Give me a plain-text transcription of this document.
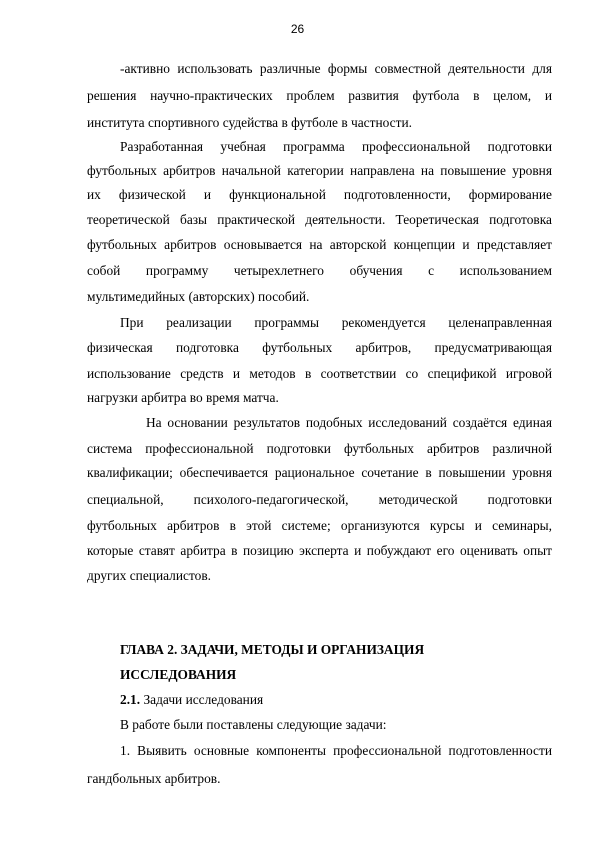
26
-активно использовать различные формы совместной деятельности для
решения научно-практических проблем развития футбола в целом, и
института спортивного судейства в футболе в частности.
Разработанная учебная программа профессиональной подготовки
футбольных арбитров начальной категории направлена на повышение уровня
их физической и функциональной подготовленности, формирование
теоретической базы практической деятельности. Теоретическая подготовка
футбольных арбитров основывается на авторской концепции и представляет
собой программу четырехлетнего обучения с использованием
мультимедийных (авторских) пособий.
При реализации программы рекомендуется целенаправленная
физическая подготовка футбольных арбитров, предусматривающая
использование средств и методов в соответствии со спецификой игровой
нагрузки арбитра во время матча.
На основании результатов подобных исследований создаётся единая
система профессиональной подготовки футбольных арбитров различной
квалификации; обеспечивается рациональное сочетание в повышении уровня
специальной, психолого-педагогической, методической подготовки
футбольных арбитров в этой системе; организуются курсы и семинары,
которые ставят арбитра в позицию эксперта и побуждают его оценивать опыт
других специалистов.
ГЛАВА 2. ЗАДАЧИ, МЕТОДЫ И ОРГАНИЗАЦИЯ
ИССЛЕДОВАНИЯ
2.1. Задачи исследования
В работе были поставлены следующие задачи:
1. Выявить основные компоненты профессиональной подготовленности
гандбольных арбитров.
